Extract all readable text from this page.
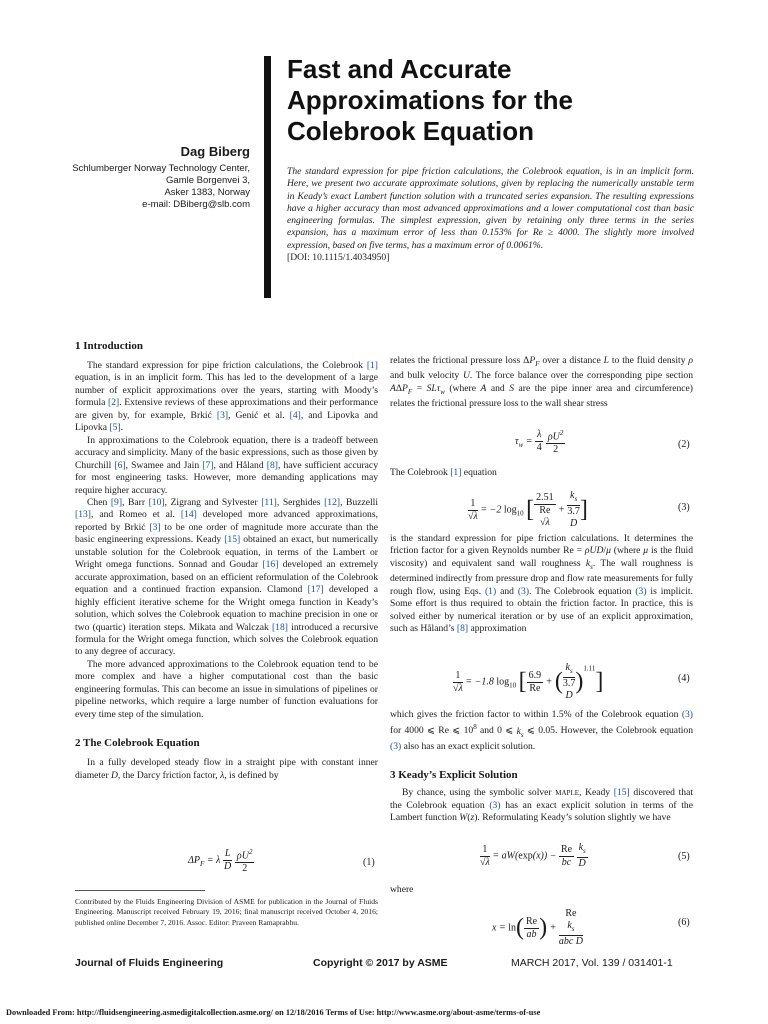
Fast and Accurate
Approximations for the
Colebrook Equation
Dag Biberg
Schlumberger Norway Technology Center,
Gamle Borgenvei 3,
Asker 1383, Norway
e-mail: DBiberg@slb.com
The standard expression for pipe friction calculations, the Colebrook equation, is in an implicit form. Here, we present two accurate approximate solutions, given by replacing the numerically unstable term in Keady’s exact Lambert function solution with a truncated series expansion. The resulting expressions have a higher accuracy than most advanced approximations and a lower computational cost than basic engineering formulas. The simplest expression, given by retaining only three terms in the series expansion, has a maximum error of less than 0.153% for Re ≥ 4000. The slightly more involved expression, based on five terms, has a maximum error of 0.0061%.
[DOI: 10.1115/1.4034950]
1 Introduction

The standard expression for pipe friction calculations, the Colebrook [1] equation, is in an implicit form. This has led to the development of a large number of explicit approximations over the years, starting with Moody’s formula [2]. Extensive reviews of these approximations and their performance are given by, for example, Brkić [3], Genić et al. [4], and Lipovka and Lipovka [5].

In approximations to the Colebrook equation, there is a tradeoff between accuracy and simplicity. Many of the basic expressions, such as those given by Churchill [6], Swamee and Jain [7], and Håland [8], have sufficient accuracy for most engineering tasks. However, more demanding applications may require higher accuracy.

Chen [9], Barr [10], Zigrang and Sylvester [11], Serghides [12], Buzzelli [13], and Romeo et al. [14] developed more advanced approximations, reported by Brkić [3] to be one order of magnitude more accurate than the basic engineering expressions. Keady [15] obtained an exact, but numerically unstable solution for the Colebrook equation, in terms of the Lambert or Wright omega functions. Sonnad and Goudar [16] developed an extremely accurate approximation, based on an efficient reformulation of the Colebrook equation and a continued fraction expansion. Clamond [17] developed a highly efficient iterative scheme for the Wright omega function in Keady’s solution, which solves the Colebrook equation to machine precision in one or two (quartic) iteration steps. Mikata and Walczak [18] introduced a recursive formula for the Wright omega function, which solves the Colebrook equation to any degree of accuracy.

The more advanced approximations to the Colebrook equation tend to be more complex and have a higher computational cost than the basic engineering formulas. This can become an issue in simulations of pipelines or pipeline networks, which require a large number of function evaluations for every time step of the simulation.

2 The Colebrook Equation

In a fully developed steady flow in a straight pipe with constant inner diameter D, the Darcy friction factor, λ, is defined by

$\Delta P_F = \lambda \frac{L}{D}$
$\frac{\rho U^2}{2}$	(1)
Contributed by the Fluids Engineering Division of ASME for publication in the Journal of Fluids Engineering. Manuscript received February 19, 2016; final manuscript received October 4, 2016; published online December 7, 2016. Assoc. Editor: Praveen Ramaprabhu.

relates the frictional pressure loss $\Delta P_F$ over a distance L to the fluid density ρ and bulk velocity U. The force balance over the corresponding pipe section $A\Delta P_F = SL\tau_w$ (where A and S are the pipe inner area and circumference) relates the frictional pressure loss to the wall shear stress

$\tau_w = \frac{\lambda}{4}$
$\frac{\rho U^2}{2}$	(2)

The Colebrook [1] equation

$\frac{1}{√\lambda} = -2$ $\log_{10}$ [ 2.51
Re
$√\lambda + k_s$
3.7
D ]	(3)

is the standard expression for pipe friction calculations. It determines the friction factor for a given Reynolds number Re = ρUD/μ (where μ is the fluid viscosity) and equivalent sand wall roughness $k_s$. The wall roughness is determined indirectly from pressure drop and flow rate measurements for fully rough flow, using Eqs. (1) and (3). The Colebrook equation (3) is implicit. Some effort is thus required to obtain the friction factor. In practice, this is solved either by numerical iteration or by use of an explicit approximation, such as Håland’s [8] approximation

$\frac{1}{√\lambda} = -1.8$ $\log_{10}$ [ $\frac{6.9}{Re}$ + ( $k_s$
3.7
D )$^{1.11}$]	(4)

which gives the friction factor to within 1.5% of the Colebrook equation (3) for 4000 ⩽ Re ⩽ $10^8$ and 0 ⩽ $k_s$ ⩽ 0.05. However, the Colebrook equation (3) also has an exact explicit solution.

3 Keady’s Explicit Solution

By chance, using the symbolic solver maple, Keady [15] discovered that the Colebrook equation (3) has an exact explicit solution in terms of the Lambert function W(z). Reformulating Keady’s solution slightly we have

$\frac{1}{√\lambda} = aW(\exp(x)) - \frac{Re}{bc}$
$\frac{k_s}{D}$	(5)
where
$x = \ln( \frac{Re}{ab}$ ) + Re
$k_s$
abc D	(6)
Journal of Fluids Engineering	Copyright © 2017 by ASME	MARCH 2017, Vol. 139 / 031401-1
Downloaded From: http://fluidsengineering.asmedigitalcollection.asme.org/ on 12/18/2016 Terms of Use: http://www.asme.org/about-asme/terms-of-use
